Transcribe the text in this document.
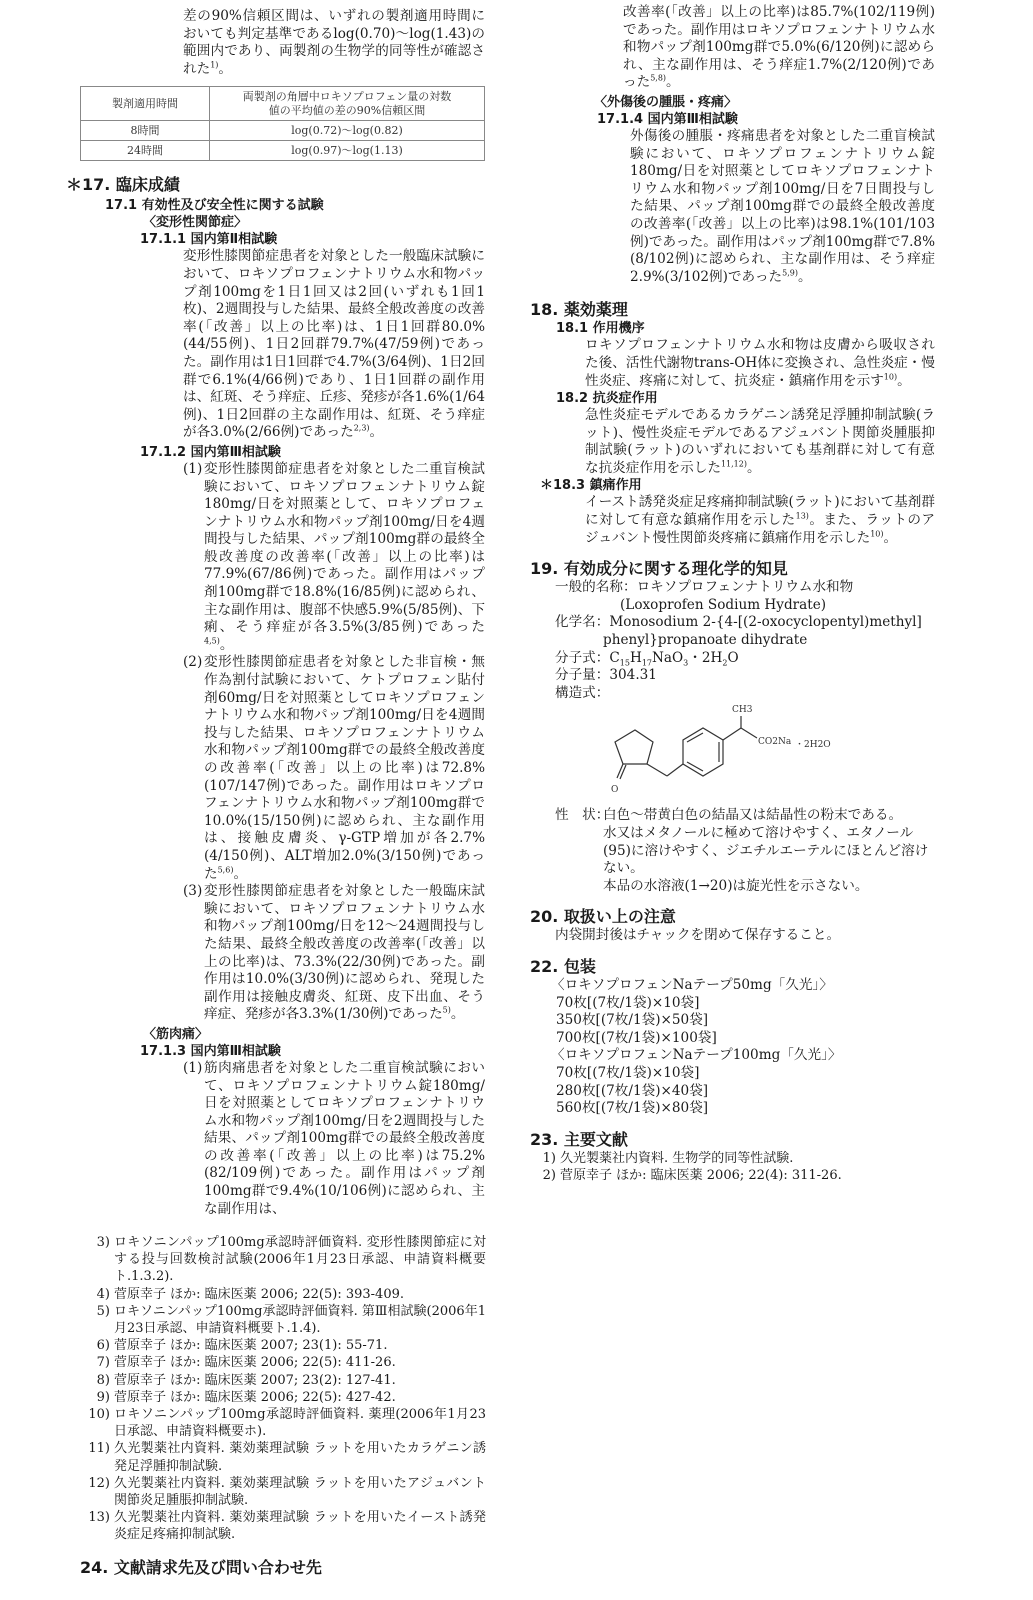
差の90%信頼区間は、いずれの製剤適用時間においても判定基準であるlog(0.70)～log(1.43)の範囲内であり、両製剤の生物学的同等性が確認された$^{1)}$。
製剤適用時間	両製剤の角層中ロキソプロフェン量の対数値の平均値の差の90%信頼区間
8時間	log(0.72)～log(0.82)
24時間	log(0.97)～log(1.13)
＊17. 臨床成績
17.1 有効性及び安全性に関する試験
〈変形性関節症〉
17.1.1 国内第Ⅱ相試験
変形性膝関節症患者を対象とした一般臨床試験において、ロキソプロフェンナトリウム水和物パップ剤100mgを1日1回又は2回(いずれも1回1枚)、2週間投与した結果、最終全般改善度の改善率(「改善」以上の比率)は、1日1回群80.0%(44/55例)、1日2回群79.7%(47/59例)であった。副作用は1日1回群で4.7%(3/64例)、1日2回群で6.1%(4/66例)であり、1日1回群の副作用は、紅斑、そう痒症、丘疹、発疹が各1.6%(1/64例)、1日2回群の主な副作用は、紅斑、そう痒症が各3.0%(2/66例)であった$^{2,3)}$。
17.1.2 国内第Ⅲ相試験
(1) 変形性膝関節症患者を対象とした二重盲検試験において、ロキソプロフェンナトリウム錠180mg/日を対照薬として、ロキソプロフェンナトリウム水和物パップ剤100mg/日を4週間投与した結果、パップ剤100mg群の最終全般改善度の改善率(「改善」以上の比率)は77.9%(67/86例)であった。副作用はパップ剤100mg群で18.8%(16/85例)に認められ、主な副作用は、腹部不快感5.9%(5/85例)、下痢、そう痒症が各3.5%(3/85例)であった$^{4,5)}$。
(2) 変形性膝関節症患者を対象とした非盲検・無作為割付試験において、ケトプロフェン貼付剤60mg/日を対照薬としてロキソプロフェンナトリウム水和物パップ剤100mg/日を4週間投与した結果、ロキソプロフェンナトリウム水和物パップ剤100mg群での最終全般改善度の改善率(「改善」以上の比率)は72.8%(107/147例)であった。副作用はロキソプロフェンナトリウム水和物パップ剤100mg群で10.0%(15/150例)に認められ、主な副作用は、接触皮膚炎、γ-GTP増加が各2.7%(4/150例)、ALT増加2.0%(3/150例)であった$^{5,6)}$。
(3) 変形性膝関節症患者を対象とした一般臨床試験において、ロキソプロフェンナトリウム水和物パップ剤100mg/日を12～24週間投与した結果、最終全般改善度の改善率(「改善」以上の比率)は、73.3%(22/30例)であった。副作用は10.0%(3/30例)に認められ、発現した副作用は接触皮膚炎、紅斑、皮下出血、そう痒症、発疹が各3.3%(1/30例)であった$^{5)}$。
〈筋肉痛〉
17.1.3 国内第Ⅲ相試験
(1) 筋肉痛患者を対象とした二重盲検試験において、ロキソプロフェンナトリウム錠180mg/日を対照薬としてロキソプロフェンナトリウム水和物パップ剤100mg/日を2週間投与した結果、パップ剤100mg群での最終全般改善度の改善率(「改善」以上の比率)は75.2%(82/109例)であった。副作用はパップ剤100mg群で9.4%(10/106例)に認められ、主な副作用は、
改善率(「改善」以上の比率)は85.7%(102/119例)であった。副作用はロキソプロフェンナトリウム水和物パップ剤100mg群で5.0%(6/120例)に認められ、主な副作用は、そう痒症1.7%(2/120例)であった$^{5,8)}$。
〈外傷後の腫脹・疼痛〉
17.1.4 国内第Ⅲ相試験
外傷後の腫脹・疼痛患者を対象とした二重盲検試験において、ロキソプロフェンナトリウム錠180mg/日を対照薬としてロキソプロフェンナトリウム水和物パップ剤100mg/日を7日間投与した結果、パップ剤100mg群での最終全般改善度の改善率(「改善」以上の比率)は98.1%(101/103例)であった。副作用はパップ剤100mg群で7.8%(8/102例)に認められ、主な副作用は、そう痒症2.9%(3/102例)であった$^{5,9)}$。
18. 薬効薬理
18.1 作用機序
ロキソプロフェンナトリウム水和物は皮膚から吸収された後、活性代謝物trans-OH体に変換され、急性炎症・慢性炎症、疼痛に対して、抗炎症・鎮痛作用を示す$^{10)}$。
18.2 抗炎症作用
急性炎症モデルであるカラゲニン誘発足浮腫抑制試験(ラット)、慢性炎症モデルであるアジュバント関節炎腫脹抑制試験(ラット)のいずれにおいても基剤群に対して有意な抗炎症作用を示した$^{11,12)}$。
＊18.3 鎮痛作用
イースト誘発炎症足疼痛抑制試験(ラット)において基剤群に対して有意な鎮痛作用を示した$^{13)}$。また、ラットのアジュバント慢性関節炎疼痛に鎮痛作用を示した$^{10)}$。
19. 有効成分に関する理化学的知見
一般的名称：ロキソプロフェンナトリウム水和物
(Loxoprofen Sodium Hydrate)
化学名：Monosodium 2-{4-[(2-oxocyclopentyl)methyl]
phenyl}propanoate dihydrate
分子式：$C_{15}H_{17}NaO_3$・$2H_2O$
分子量：304.31
構造式：
CH3
CO2Na ・2H2O
O
性　状：
白色～帯黄白色の結晶又は結晶性の粉末である。
水又はメタノールに極めて溶けやすく、エタノール(95)に溶けやすく、ジエチルエーテルにほとんど溶けない。
本品の水溶液(1→20)は旋光性を示さない。
20. 取扱い上の注意
内袋開封後はチャックを閉めて保存すること。
22. 包装
〈ロキソプロフェンNaテープ50mg「久光」〉
70枚[(7枚/1袋)×10袋]
350枚[(7枚/1袋)×50袋]
700枚[(7枚/1袋)×100袋]
〈ロキソプロフェンNaテープ100mg「久光」〉
70枚[(7枚/1袋)×10袋]
280枚[(7枚/1袋)×40袋]
560枚[(7枚/1袋)×80袋]
23. 主要文献
1) 久光製薬社内資料. 生物学的同等性試験.
2) 菅原幸子 ほか: 臨床医薬 2006; 22(4): 311-26.
3) ロキソニンパップ100mg承認時評価資料. 変形性膝関節症に対する投与回数検討試験(2006年1月23日承認、申請資料概要ト.1.3.2).
4) 菅原幸子 ほか: 臨床医薬 2006; 22(5): 393-409.
5) ロキソニンパップ100mg承認時評価資料. 第Ⅲ相試験(2006年1月23日承認、申請資料概要ト.1.4).
6) 菅原幸子 ほか: 臨床医薬 2007; 23(1): 55-71.
7) 菅原幸子 ほか: 臨床医薬 2006; 22(5): 411-26.
8) 菅原幸子 ほか: 臨床医薬 2007; 23(2): 127-41.
9) 菅原幸子 ほか: 臨床医薬 2006; 22(5): 427-42.
10) ロキソニンパップ100mg承認時評価資料. 薬理(2006年1月23日承認、申請資料概要ホ).
11) 久光製薬社内資料. 薬効薬理試験 ラットを用いたカラゲニン誘発足浮腫抑制試験.
12) 久光製薬社内資料. 薬効薬理試験 ラットを用いたアジュバント関節炎足腫脹抑制試験.
13) 久光製薬社内資料. 薬効薬理試験 ラットを用いたイースト誘発炎症足疼痛抑制試験.
24. 文献請求先及び問い合わせ先
